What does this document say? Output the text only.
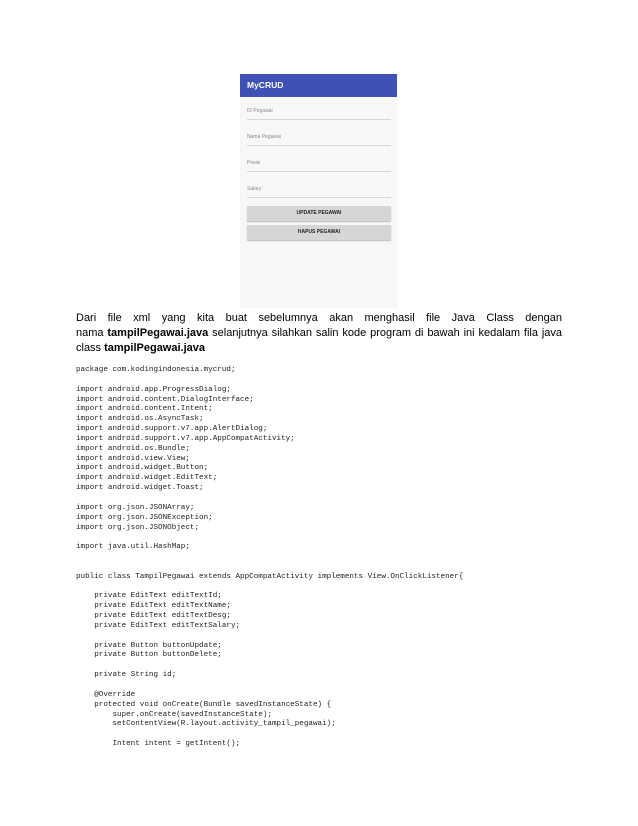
MyCRUD
ID Pegawai
Nama Pegawai
Posisi
Salary
UPDATE PEGAWAI
HAPUS PEGAWAI

Dari file xml yang kita buat sebelumnya akan menghasil file Java Class dengan

nama tampilPegawai.java selanjutnya silahkan salin kode program di bawah ini kedalam fila java

class tampilPegawai.java

package com.kodingindonesia.mycrud;

import android.app.ProgressDialog;
import android.content.DialogInterface;
import android.content.Intent;
import android.os.AsyncTask;
import android.support.v7.app.AlertDialog;
import android.support.v7.app.AppCompatActivity;
import android.os.Bundle;
import android.view.View;
import android.widget.Button;
import android.widget.EditText;
import android.widget.Toast;

import org.json.JSONArray;
import org.json.JSONException;
import org.json.JSONObject;

import java.util.HashMap;

public class TampilPegawai extends AppCompatActivity implements View.OnClickListener{

private EditText editTextId;
private EditText editTextName;
private EditText editTextDesg;
private EditText editTextSalary;

private Button buttonUpdate;
private Button buttonDelete;

private String id;

@Override
protected void onCreate(Bundle savedInstanceState) {
super.onCreate(savedInstanceState);
setContentView(R.layout.activity_tampil_pegawai);

Intent intent = getIntent();
